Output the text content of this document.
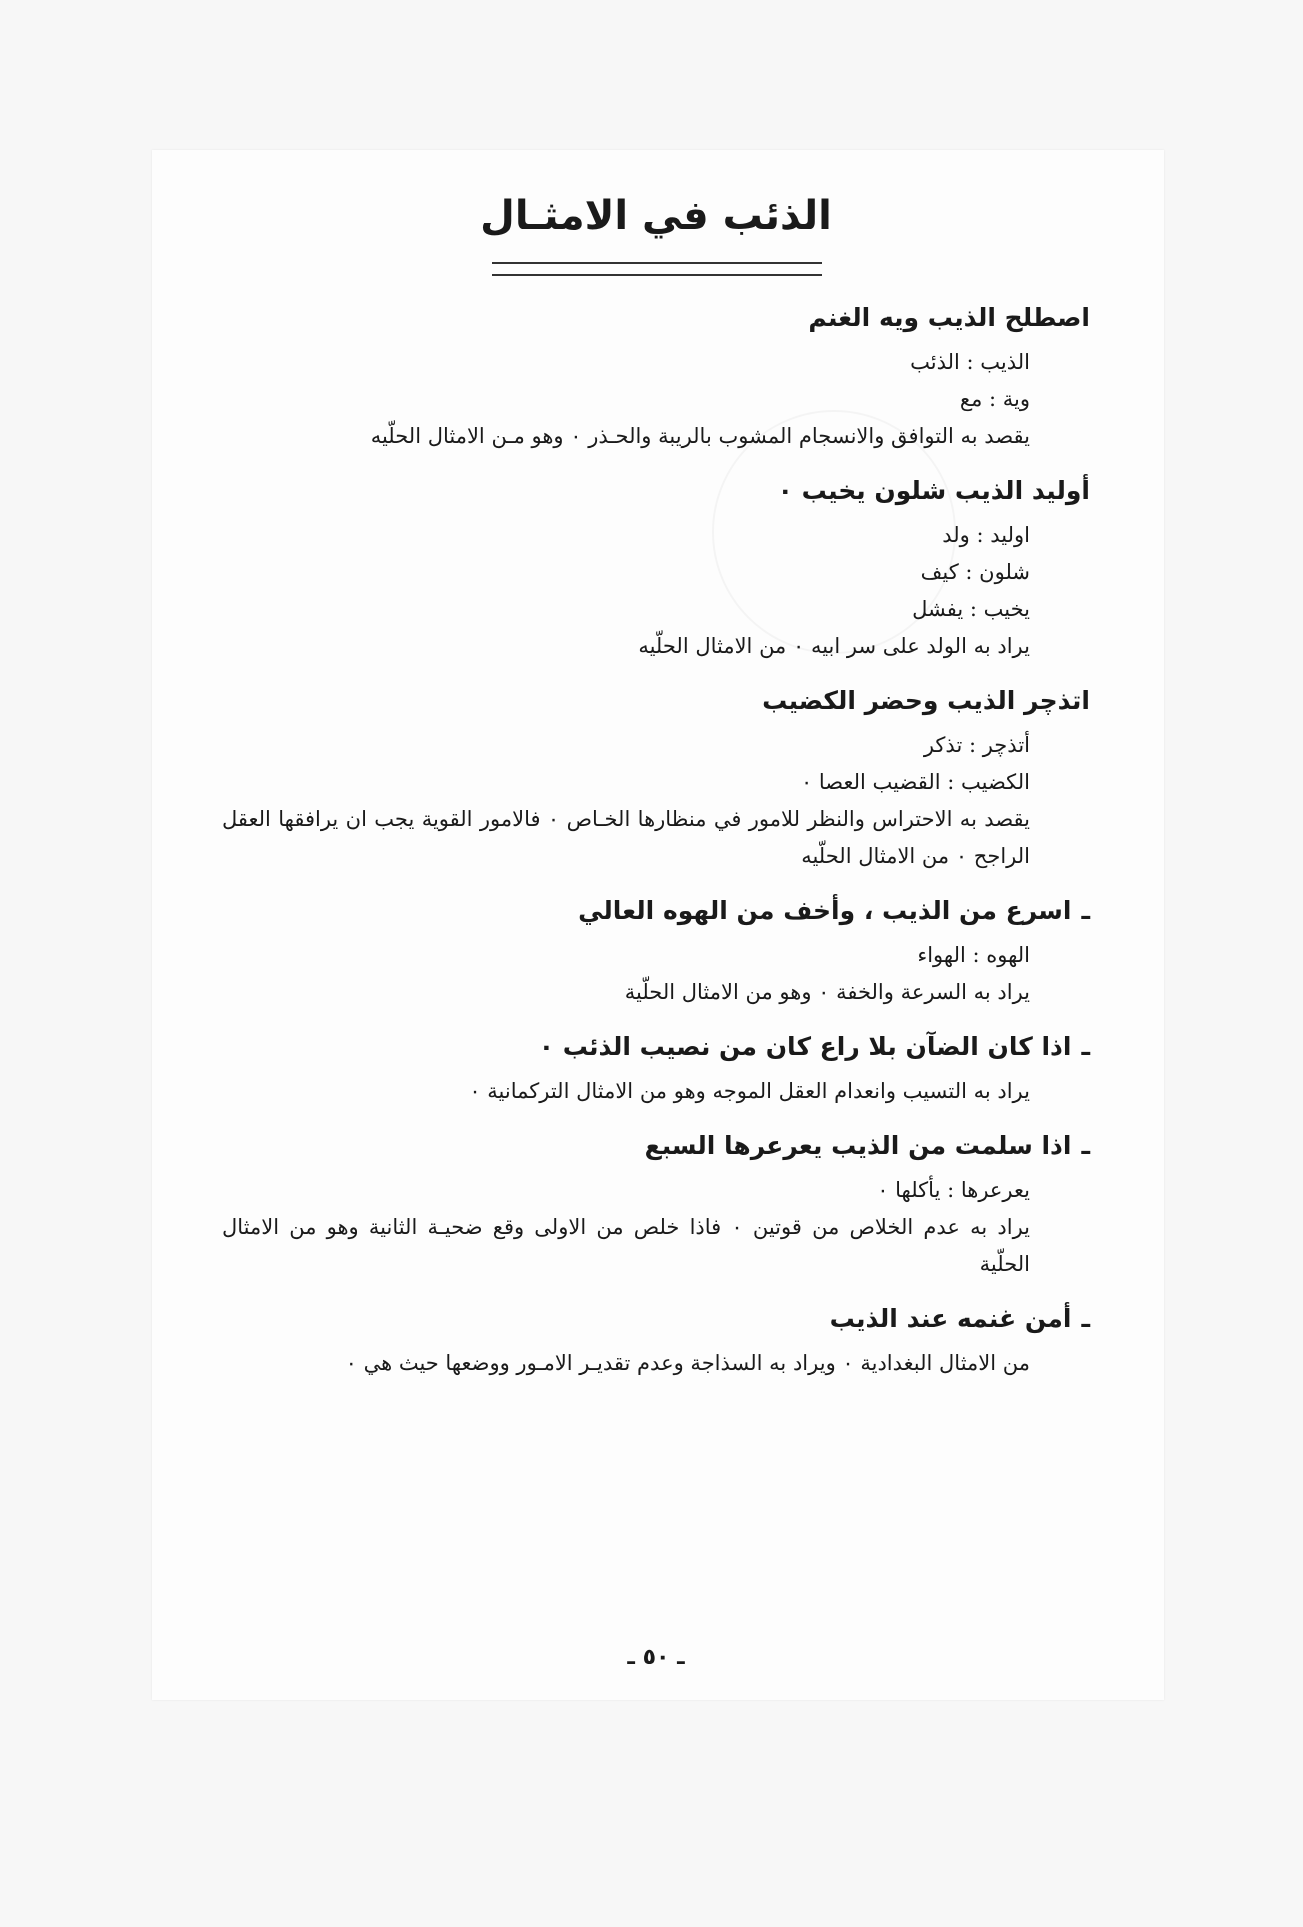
الذئب في الامثـال
اصطلح الذيب ويه الغنم
الذيب : الذئب
وية : مع
يقصد به التوافق والانسجام المشوب بالريبة والحـذر ٠ وهو مـن الامثال الحلّيه
أوليد الذيب شلون يخيب ٠
اوليد : ولد
شلون : كيف
يخيب : يفشل
يراد به الولد على سر ابيه ٠ من الامثال الحلّيه
اتذچر الذيب وحضر الكضيب
أتذچر : تذكر
الكضيب : القضيب العصا ٠
يقصد به الاحتراس والنظر للامور في منظارها الخـاص ٠ فالامور القوية يجب ان يرافقها العقل الراجح ٠ من الامثال الحلّيه
ـاسرع من الذيب ، وأخف من الهوه العالي
الهوه : الهواء
يراد به السرعة والخفة ٠ وهو من الامثال الحلّية
ـاذا كان الضآن بلا راع كان من نصيب الذئب ٠
يراد به التسيب وانعدام العقل الموجه وهو من الامثال التركمانية ٠
ـاذا سلمت من الذيب يعرعرها السبع
يعرعرها : يأكلها ٠
يراد به عدم الخلاص من قوتين ٠ فاذا خلص من الاولى وقع ضحيـة الثانية وهو من الامثال الحلّية
ـأمن غنمه عند الذيب
من الامثال البغدادية ٠ ويراد به السذاجة وعدم تقديـر الامـور ووضعها حيث هي ٠
ـ ٥٠ ـ
